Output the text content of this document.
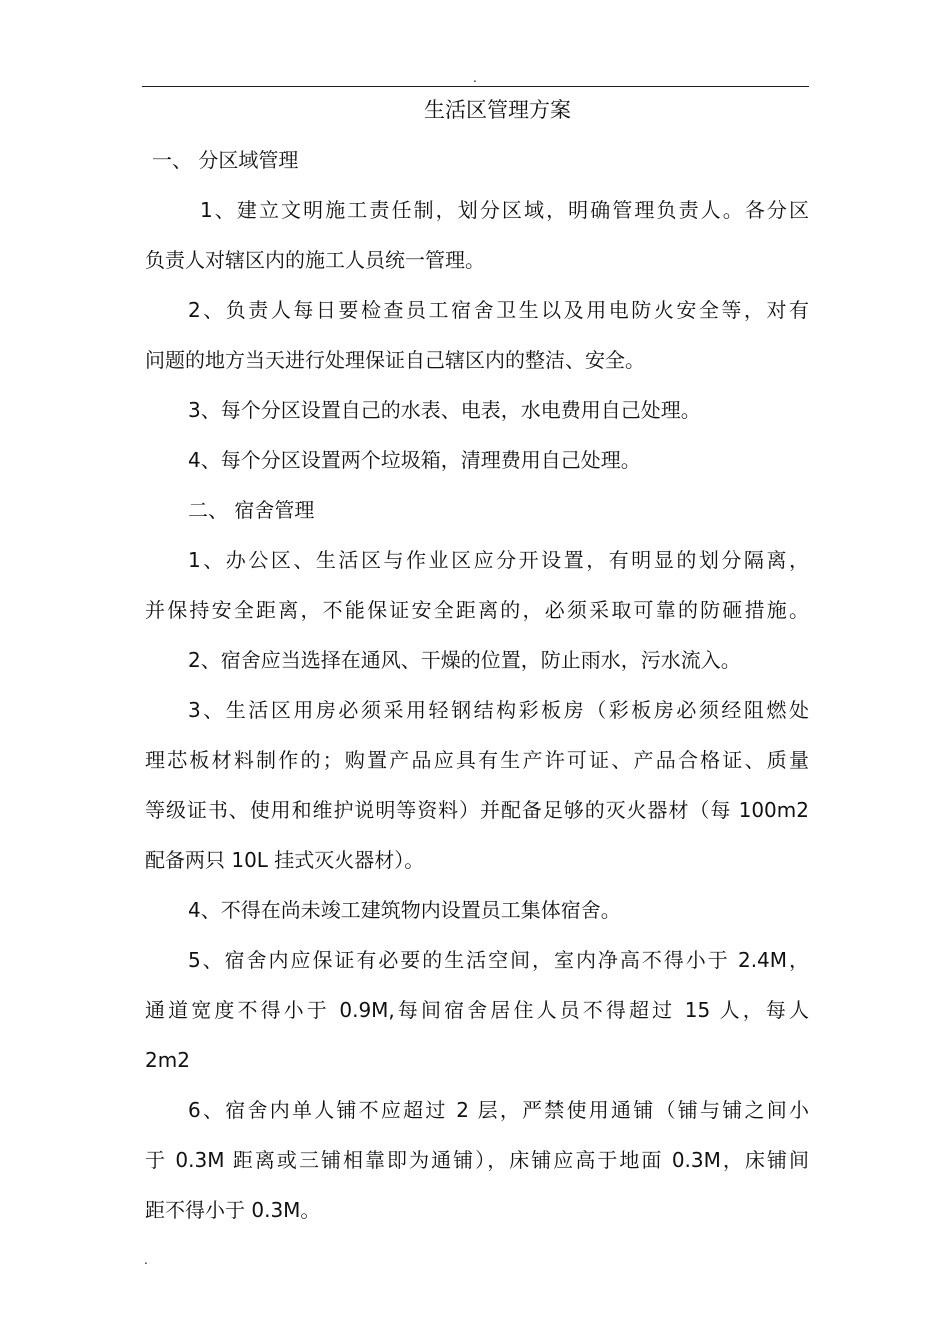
.
生活区管理方案
一、 分区域管理
1、建立文明施工责任制，划分区域，明确管理负责人。各分区
负责人对辖区内的施工人员统一管理。
2、负责人每日要检查员工宿舍卫生以及用电防火安全等，对有
问题的地方当天进行处理保证自己辖区内的整洁、安全。
3、每个分区设置自己的水表、电表，水电费用自己处理。
4、每个分区设置两个垃圾箱，清理费用自己处理。
二、 宿舍管理
1、办公区、生活区与作业区应分开设置，有明显的划分隔离，
并保持安全距离，不能保证安全距离的，必须采取可靠的防砸措施。
2、宿舍应当选择在通风、干燥的位置，防止雨水，污水流入。
3、生活区用房必须采用轻钢结构彩板房（彩板房必须经阻燃处
理芯板材料制作的；购置产品应具有生产许可证、产品合格证、质量
等级证书、使用和维护说明等资料）并配备足够的灭火器材（每 100m2
配备两只 10L 挂式灭火器材）。
4、不得在尚未竣工建筑物内设置员工集体宿舍。
5、宿舍内应保证有必要的生活空间，室内净高不得小于 2.4M，
通道宽度不得小于 0.9M,每间宿舍居住人员不得超过 15 人，每人
2m2
6、宿舍内单人铺不应超过 2 层，严禁使用通铺（铺与铺之间小
于 0.3M 距离或三铺相靠即为通铺），床铺应高于地面 0.3M，床铺间
距不得小于 0.3M。
.
